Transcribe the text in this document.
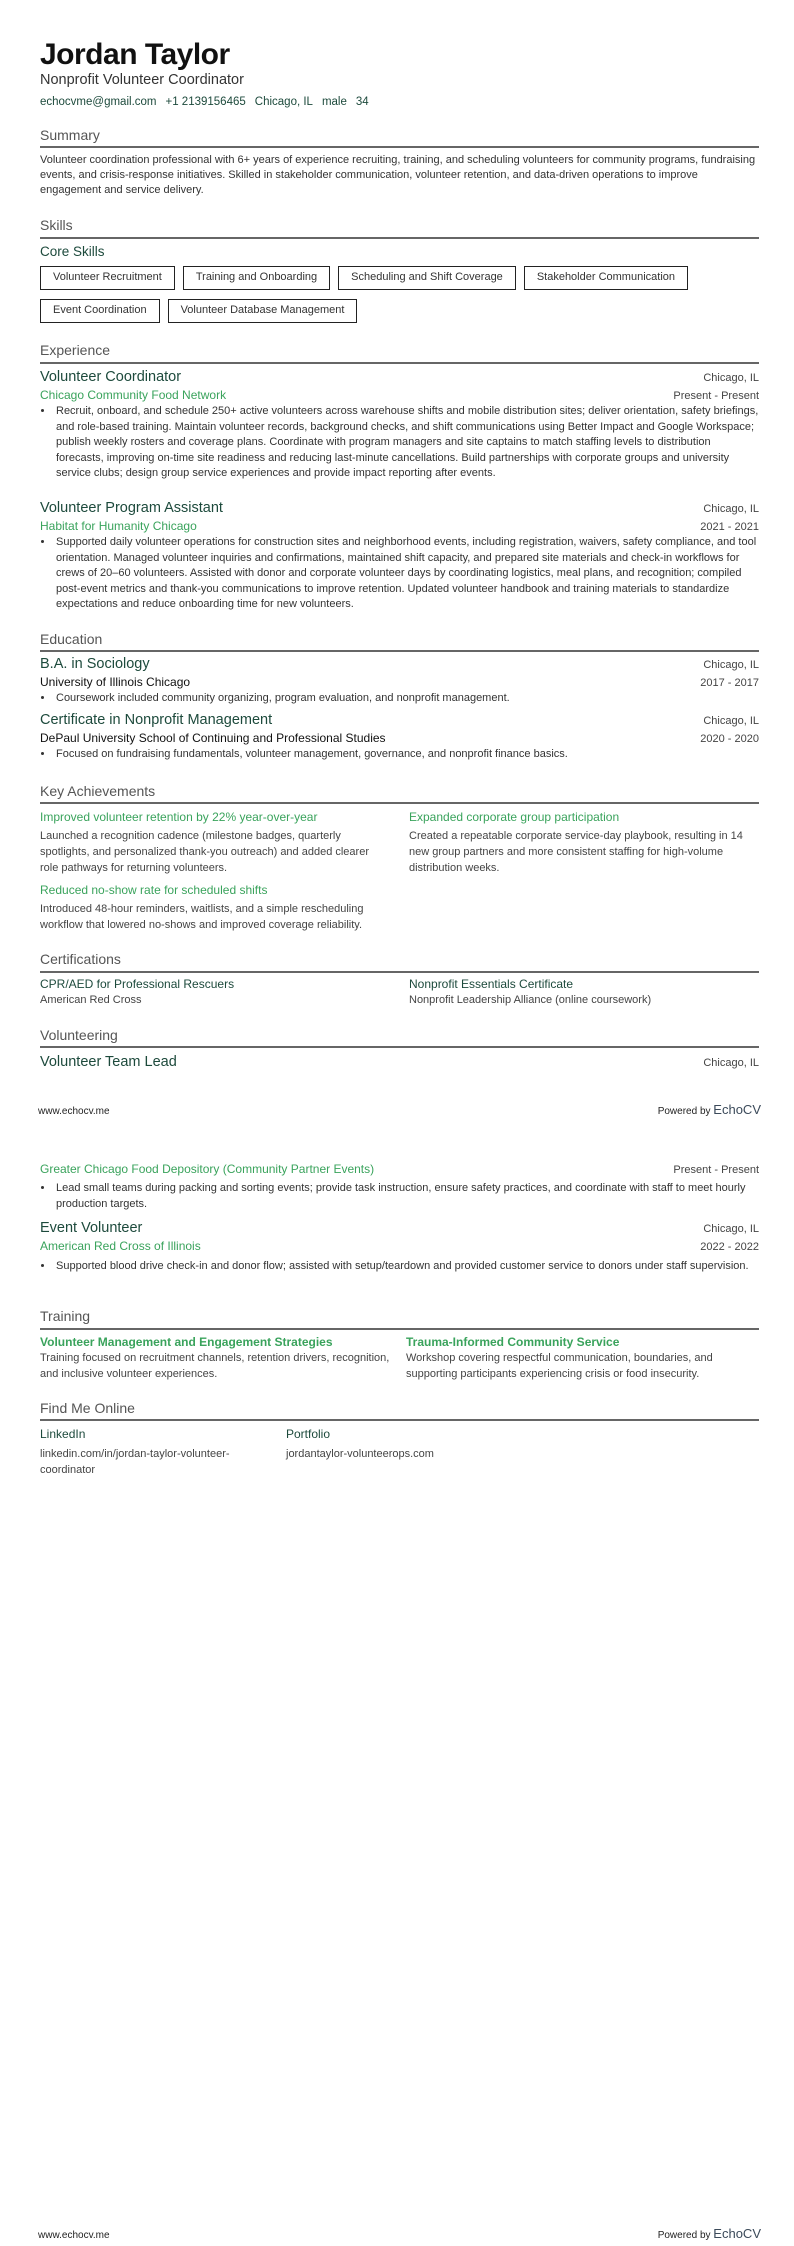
Jordan Taylor
Nonprofit Volunteer Coordinator
echocvme@gmail.com +1 2139156465 Chicago, IL male 34
Summary
Volunteer coordination professional with 6+ years of experience recruiting, training, and scheduling volunteers for community programs, fundraising events, and crisis-response initiatives. Skilled in stakeholder communication, volunteer retention, and data-driven operations to improve engagement and service delivery.
Skills
Core Skills
Volunteer Recruitment	Training and Onboarding	Scheduling and Shift Coverage	Stakeholder Communication
Event Coordination	Volunteer Database Management
Experience
Volunteer Coordinator	Chicago, IL
Chicago Community Food Network	Present - Present
• Recruit, onboard, and schedule 250+ active volunteers across warehouse shifts and mobile distribution sites; deliver orientation, safety briefings, and role-based training. Maintain volunteer records, background checks, and shift communications using Better Impact and Google Workspace; publish weekly rosters and coverage plans. Coordinate with program managers and site captains to match staffing levels to distribution forecasts, improving on-time site readiness and reducing last-minute cancellations. Build partnerships with corporate groups and university service clubs; design group service experiences and provide impact reporting after events.
Volunteer Program Assistant	Chicago, IL
Habitat for Humanity Chicago	2021 - 2021
• Supported daily volunteer operations for construction sites and neighborhood events, including registration, waivers, safety compliance, and tool orientation. Managed volunteer inquiries and confirmations, maintained shift capacity, and prepared site materials and check-in workflows for crews of 20–60 volunteers. Assisted with donor and corporate volunteer days by coordinating logistics, meal plans, and recognition; compiled post-event metrics and thank-you communications to improve retention. Updated volunteer handbook and training materials to standardize expectations and reduce onboarding time for new volunteers.
Education
B.A. in Sociology	Chicago, IL
University of Illinois Chicago	2017 - 2017
• Coursework included community organizing, program evaluation, and nonprofit management.
Certificate in Nonprofit Management	Chicago, IL
DePaul University School of Continuing and Professional Studies	2020 - 2020
• Focused on fundraising fundamentals, volunteer management, governance, and nonprofit finance basics.
Key Achievements
Improved volunteer retention by 22% year-over-year
Launched a recognition cadence (milestone badges, quarterly spotlights, and personalized thank-you outreach) and added clearer role pathways for returning volunteers.
Expanded corporate group participation
Created a repeatable corporate service-day playbook, resulting in 14 new group partners and more consistent staffing for high-volume distribution weeks.
Reduced no-show rate for scheduled shifts
Introduced 48-hour reminders, waitlists, and a simple rescheduling workflow that lowered no-shows and improved coverage reliability.
Certifications
CPR/AED for Professional Rescuers
American Red Cross
Nonprofit Essentials Certificate
Nonprofit Leadership Alliance (online coursework)
Volunteering
Volunteer Team Lead	Chicago, IL
www.echocv.me	Powered by EchoCV
Greater Chicago Food Depository (Community Partner Events)	Present - Present
• Lead small teams during packing and sorting events; provide task instruction, ensure safety practices, and coordinate with staff to meet hourly production targets.
Event Volunteer	Chicago, IL
American Red Cross of Illinois	2022 - 2022
• Supported blood drive check-in and donor flow; assisted with setup/teardown and provided customer service to donors under staff supervision.
Training
Volunteer Management and Engagement Strategies
Training focused on recruitment channels, retention drivers, recognition, and inclusive volunteer experiences.
Trauma-Informed Community Service
Workshop covering respectful communication, boundaries, and supporting participants experiencing crisis or food insecurity.
Find Me Online
LinkedIn
linkedin.com/in/jordan-taylor-volunteer-coordinator
Portfolio
jordantaylor-volunteerops.com
www.echocv.me	Powered by EchoCV
